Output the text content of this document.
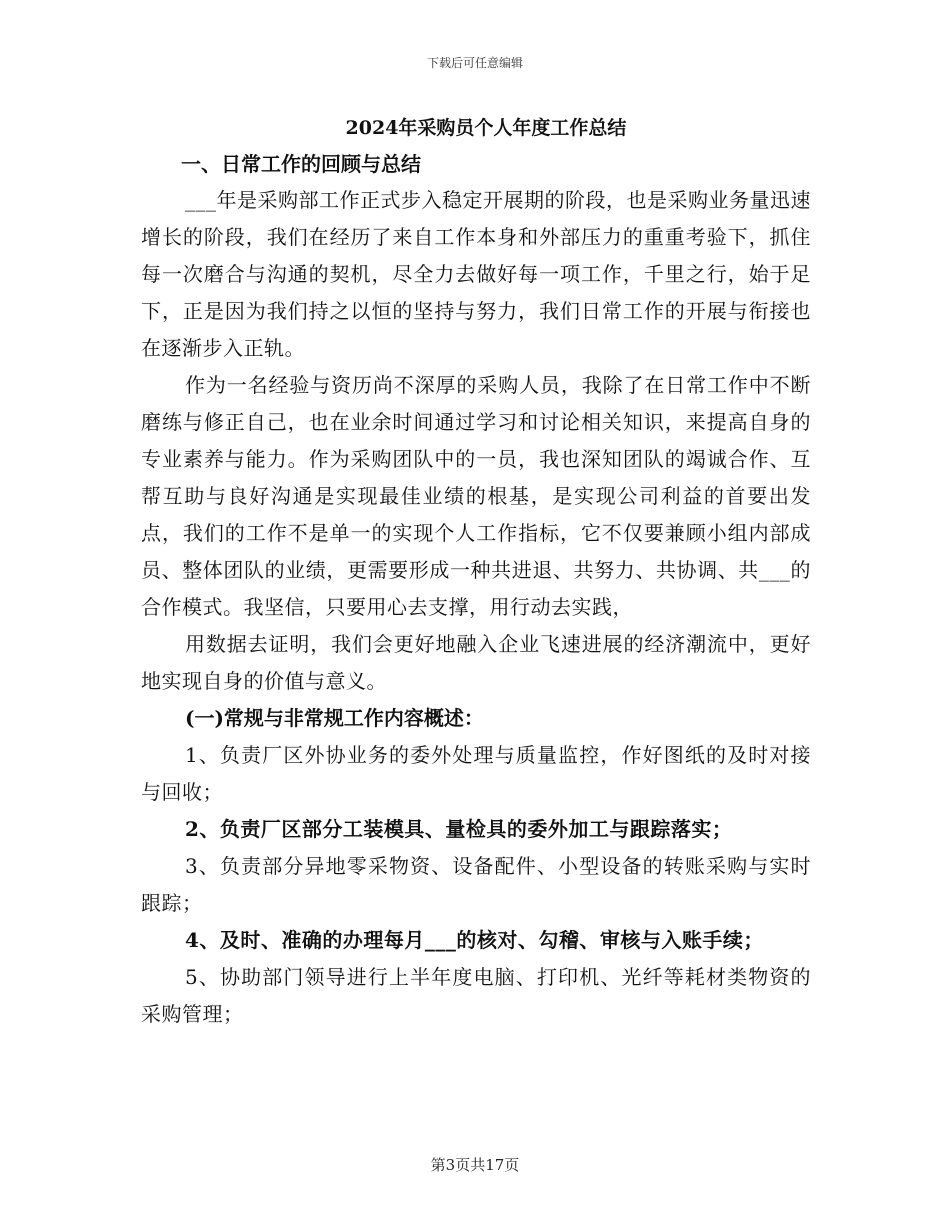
下载后可任意编辑
2024年采购员个人年度工作总结
一、日常工作的回顾与总结

___年是采购部工作正式步入稳定开展期的阶段，也是采购业务量迅速增长的阶段，我们在经历了来自工作本身和外部压力的重重考验下，抓住每一次磨合与沟通的契机，尽全力去做好每一项工作，千里之行，始于足下，正是因为我们持之以恒的坚持与努力，我们日常工作的开展与衔接也在逐渐步入正轨。

作为一名经验与资历尚不深厚的采购人员，我除了在日常工作中不断磨练与修正自己，也在业余时间通过学习和讨论相关知识，来提高自身的专业素养与能力。作为采购团队中的一员，我也深知团队的竭诚合作、互帮互助与良好沟通是实现最佳业绩的根基，是实现公司利益的首要出发点，我们的工作不是单一的实现个人工作指标，它不仅要兼顾小组内部成员、整体团队的业绩，更需要形成一种共进退、共努力、共协调、共___的合作模式。我坚信，只要用心去支撑，用行动去实践，

用数据去证明，我们会更好地融入企业飞速进展的经济潮流中，更好地实现自身的价值与意义。

(一)常规与非常规工作内容概述：

1、负责厂区外协业务的委外处理与质量监控，作好图纸的及时对接与回收；

2、负责厂区部分工装模具、量检具的委外加工与跟踪落实；

3、负责部分异地零采物资、设备配件、小型设备的转账采购与实时跟踪；

4、及时、准确的办理每月___的核对、勾稽、审核与入账手续；

5、协助部门领导进行上半年度电脑、打印机、光纤等耗材类物资的采购管理；

第3页共17页
